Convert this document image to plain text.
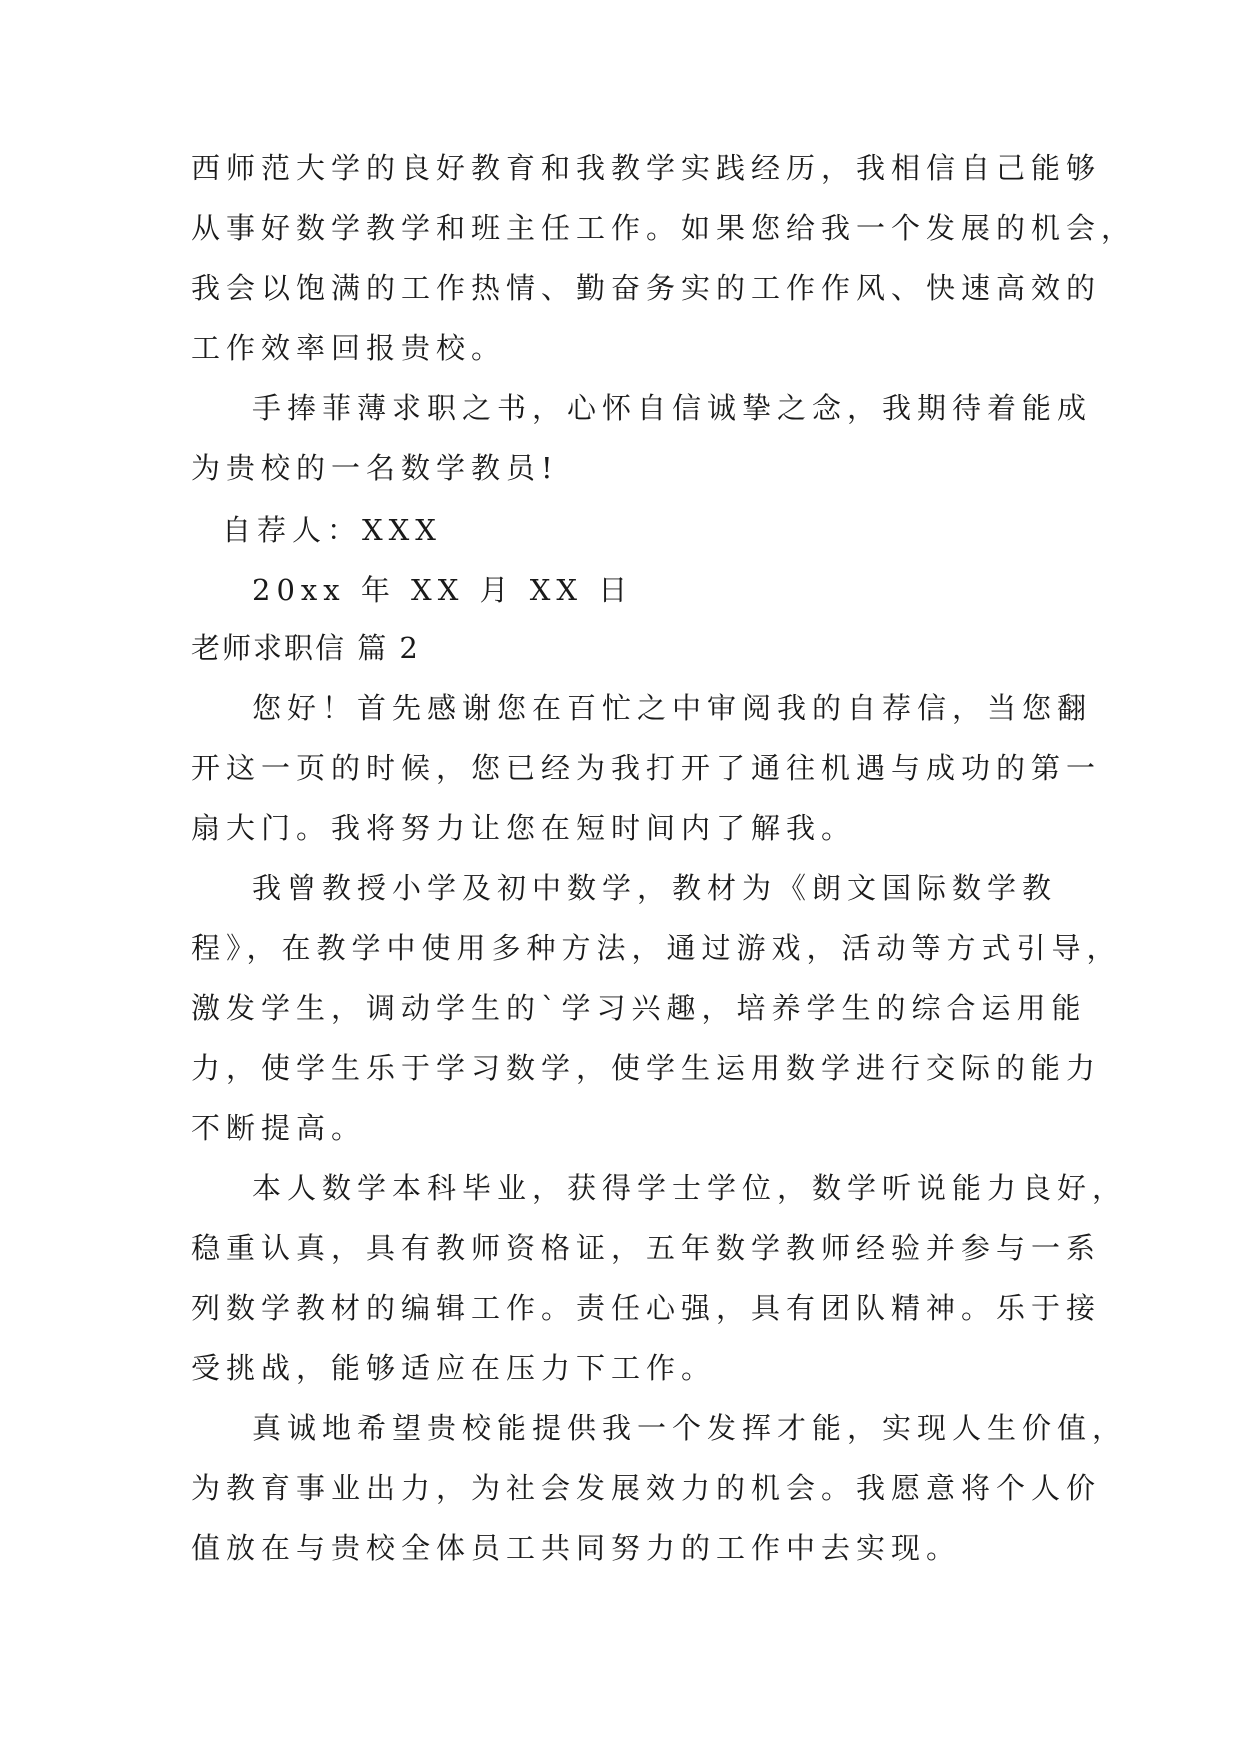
西师范大学的良好教育和我教学实践经历，我相信自己能够
从事好数学教学和班主任工作。如果您给我一个发展的机会，
我会以饱满的工作热情、勤奋务实的工作作风、快速高效的
工作效率回报贵校。
手捧菲薄求职之书，心怀自信诚挚之念，我期待着能成
为贵校的一名数学教员!
自荐人：XXX
20xx 年 XX 月 XX 日
老师求职信 篇 2
您好！首先感谢您在百忙之中审阅我的自荐信，当您翻
开这一页的时候，您已经为我打开了通往机遇与成功的第一
扇大门。我将努力让您在短时间内了解我。
我曾教授小学及初中数学，教材为《朗文国际数学教
程》，在教学中使用多种方法，通过游戏，活动等方式引导，
激发学生，调动学生的`学习兴趣，培养学生的综合运用能
力，使学生乐于学习数学，使学生运用数学进行交际的能力
不断提高。
本人数学本科毕业，获得学士学位，数学听说能力良好，
稳重认真，具有教师资格证，五年数学教师经验并参与一系
列数学教材的编辑工作。责任心强，具有团队精神。乐于接
受挑战，能够适应在压力下工作。
真诚地希望贵校能提供我一个发挥才能，实现人生价值，
为教育事业出力，为社会发展效力的机会。我愿意将个人价
值放在与贵校全体员工共同努力的工作中去实现。
